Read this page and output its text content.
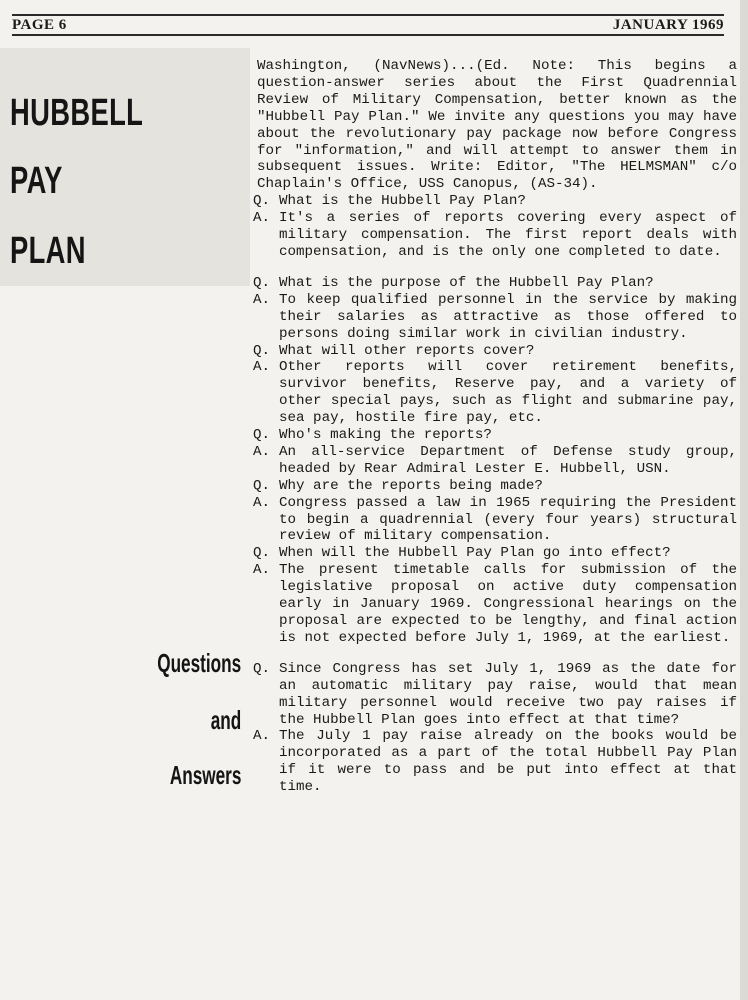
PAGE 6	JANUARY 1969
HUBBELL
PAY
PLAN
Questions
and
Answers

Washington, (NavNews)...(Ed. Note: This begins a question-answer series about the First Quadrennial Review of Military Compensation, better known as the "Hubbell Pay Plan." We invite any questions you may have about the revolutionary pay package now before Congress for "information," and will attempt to answer them in subsequent issues. Write: Editor, "The HELMSMAN" c/o Chaplain's Office, USS Canopus, (AS-34).

Q. What is the Hubbell Pay Plan?
A. It's a series of reports covering every aspect of military compensation. The first report deals with compensation, and is the only one completed to date.
Q. What is the purpose of the Hubbell Pay Plan?
A. To keep qualified personnel in the service by making their salaries as attractive as those offered to persons doing similar work in civilian industry.
Q. What will other reports cover?
A. Other reports will cover retirement benefits, survivor benefits, Reserve pay, and a variety of other special pays, such as flight and submarine pay, sea pay, hostile fire pay, etc.
Q. Who's making the reports?
A. An all-service Department of Defense study group, headed by Rear Admiral Lester E. Hubbell, USN.
Q. Why are the reports being made?
A. Congress passed a law in 1965 requiring the President to begin a quadrennial (every four years) structural review of military compensation.
Q. When will the Hubbell Pay Plan go into effect?
A. The present timetable calls for submission of the legislative proposal on active duty compensation early in January 1969. Congressional hearings on the proposal are expected to be lengthy, and final action is not expected before July 1, 1969, at the earliest.
Q. Since Congress has set July 1, 1969 as the date for an automatic military pay raise, would that mean military personnel would receive two pay raises if the Hubbell Plan goes into effect at that time?
A. The July 1 pay raise already on the books would be incorporated as a part of the total Hubbell Pay Plan if it were to pass and be put into effect at that time.
